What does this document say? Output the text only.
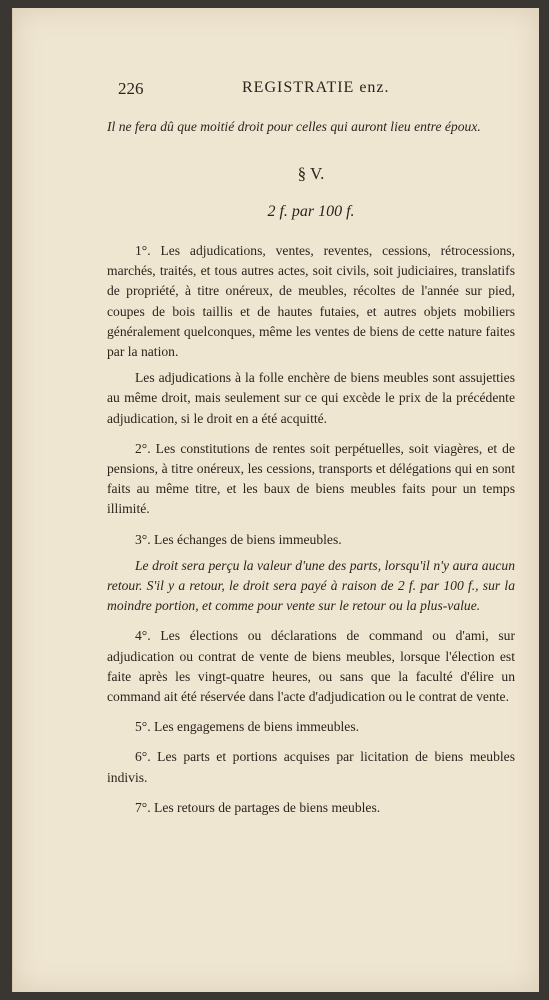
226	REGISTRATIE enz.
Il ne fera dû que moitié droit pour celles qui auront lieu entre époux.
§ V.
2 f. par 100 f.

1°. Les adjudications, ventes, reventes, cessions, rétrocessions, marchés, traités, et tous autres actes, soit civils, soit judiciaires, translatifs de propriété, à titre onéreux, de meubles, récoltes de l'année sur pied, coupes de bois taillis et de hautes futaies, et autres objets mobiliers généralement quelconques, même les ventes de biens de cette nature faites par la nation.

Les adjudications à la folle enchère de biens meubles sont assujetties au même droit, mais seulement sur ce qui excède le prix de la précédente adjudication, si le droit en a été acquitté.

2°. Les constitutions de rentes soit perpétuelles, soit viagères, et de pensions, à titre onéreux, les cessions, transports et délégations qui en sont faits au même titre, et les baux de biens meubles faits pour un temps illimité.

3°. Les échanges de biens immeubles.

Le droit sera perçu la valeur d'une des parts, lorsqu'il n'y aura aucun retour. S'il y a retour, le droit sera payé à raison de 2 f. par 100 f., sur la moindre portion, et comme pour vente sur le retour ou la plus-value.

4°. Les élections ou déclarations de command ou d'ami, sur adjudication ou contrat de vente de biens meubles, lorsque l'élection est faite après les vingt-quatre heures, ou sans que la faculté d'élire un command ait été réservée dans l'acte d'adjudication ou le contrat de vente.

5°. Les engagemens de biens immeubles.

6°. Les parts et portions acquises par licitation de biens meubles indivis.

7°. Les retours de partages de biens meubles.
